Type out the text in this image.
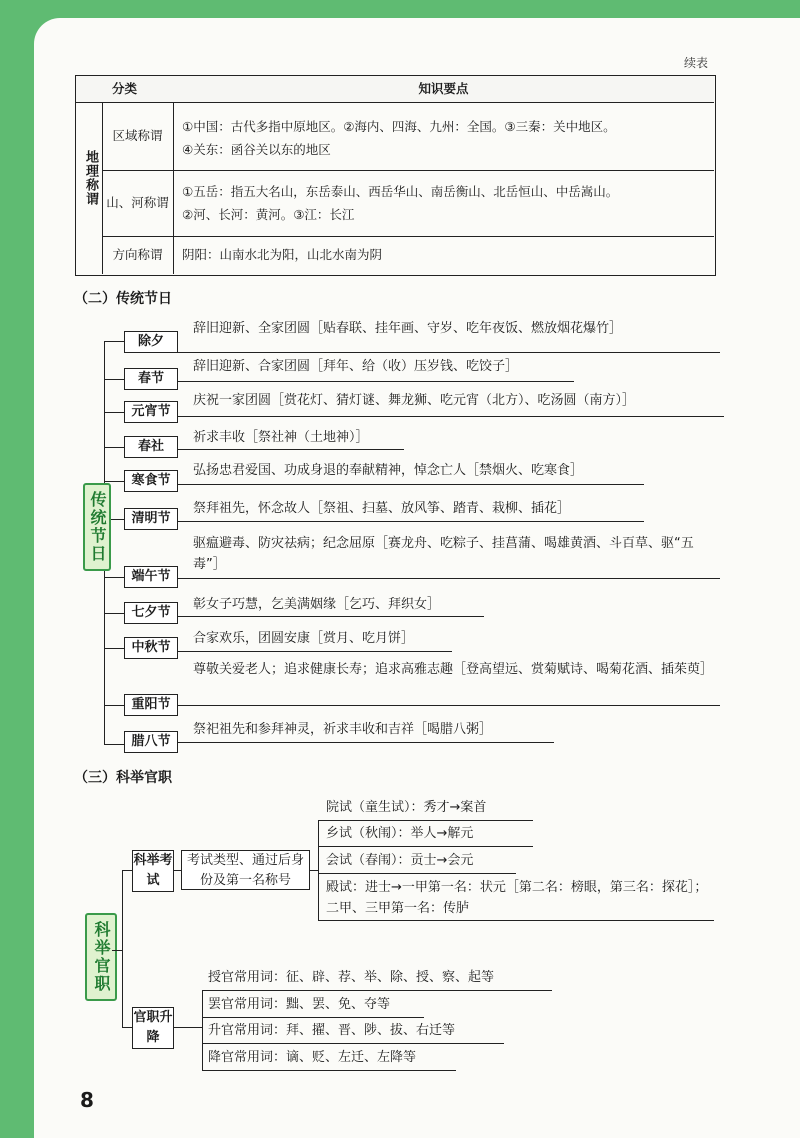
续表
分类	知识要点
地理称谓
区域称谓
①中国：古代多指中原地区。②海内、四海、九州：全国。③三秦：关中地区。
④关东：函谷关以东的地区
山、河称谓
①五岳：指五大名山，东岳泰山、西岳华山、南岳衡山、北岳恒山、中岳嵩山。
②河、长河：黄河。③江：长江
方向称谓	阴阳：山南水北为阳，山北水南为阴
（二）传统节日
传统节日
除夕
春节
元宵节
春社
寒食节
清明节
端午节
七夕节
中秋节
重阳节
腊八节
辞旧迎新、全家团圆［贴春联、挂年画、守岁、吃年夜饭、燃放烟花爆竹］
辞旧迎新、合家团圆［拜年、给（收）压岁钱、吃饺子］
庆祝一家团圆［赏花灯、猜灯谜、舞龙狮、吃元宵（北方）、吃汤圆（南方）］
祈求丰收［祭社神（土地神）］
弘扬忠君爱国、功成身退的奉献精神，悼念亡人［禁烟火、吃寒食］
祭拜祖先，怀念故人［祭祖、扫墓、放风筝、踏青、栽柳、插花］
驱瘟避毒、防灾祛病；纪念屈原［赛龙舟、吃粽子、挂菖蒲、喝雄黄酒、斗百草、驱“五毒”］
彰女子巧慧，乞美满姻缘［乞巧、拜织女］
合家欢乐，团圆安康［赏月、吃月饼］
尊敬关爱老人；追求健康长寿；追求高雅志趣［登高望远、赏菊赋诗、喝菊花酒、插茱萸］
祭祀祖先和参拜神灵，祈求丰收和吉祥［喝腊八粥］
（三）科举官职
科举官职
科举考试
考试类型、通过后身份及第一名称号
院试（童生试）：秀才→案首
乡试（秋闱）：举人→解元
会试（春闱）：贡士→会元
殿试：进士→一甲第一名：状元［第二名：榜眼，第三名：探花］；二甲、三甲第一名：传胪
官职升降
授官常用词：征、辟、荐、举、除、授、察、起等
罢官常用词：黜、罢、免、夺等
升官常用词：拜、擢、晋、陟、拔、右迁等
降官常用词：谪、贬、左迁、左降等
8
